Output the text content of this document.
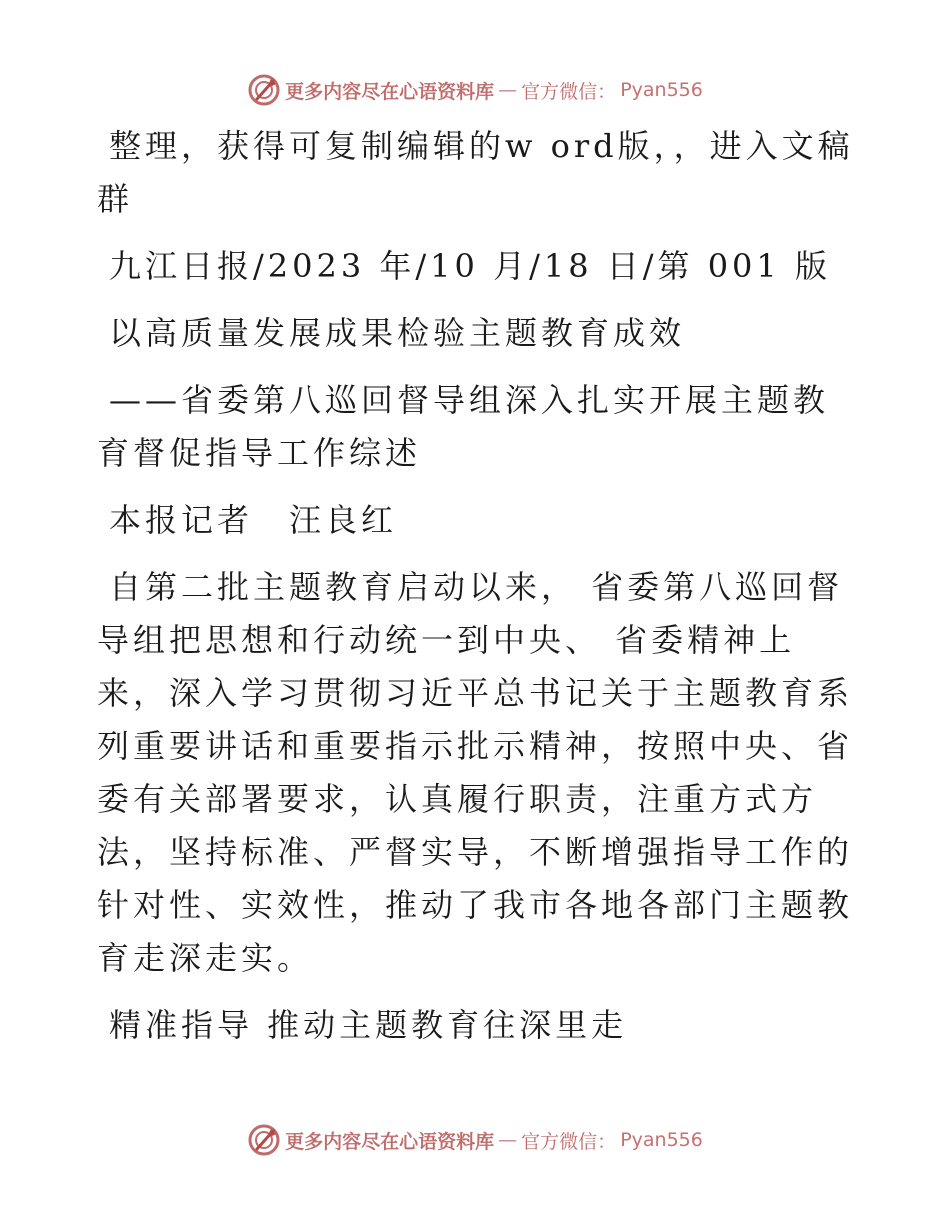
更多内容尽在心语资料库 — 官方微信： Pyan556

整理，获得可复制编辑的w ord版，，进入文稿群

九江日报/2023 年/10 月/18 日/第 001 版

以高质量发展成果检验主题教育成效

——省委第八巡回督导组深入扎实开展主题教育督促指导工作综述

本报记者　汪良红

自第二批主题教育启动以来， 省委第八巡回督导组把思想和行动统一到中央、 省委精神上来，深入学习贯彻习近平总书记关于主题教育系列重要讲话和重要指示批示精神，按照中央、省委有关部署要求，认真履行职责，注重方式方法，坚持标准、严督实导，不断增强指导工作的针对性、实效性，推动了我市各地各部门主题教育走深走实。

精准指导 推动主题教育往深里走

更多内容尽在心语资料库 — 官方微信： Pyan556
